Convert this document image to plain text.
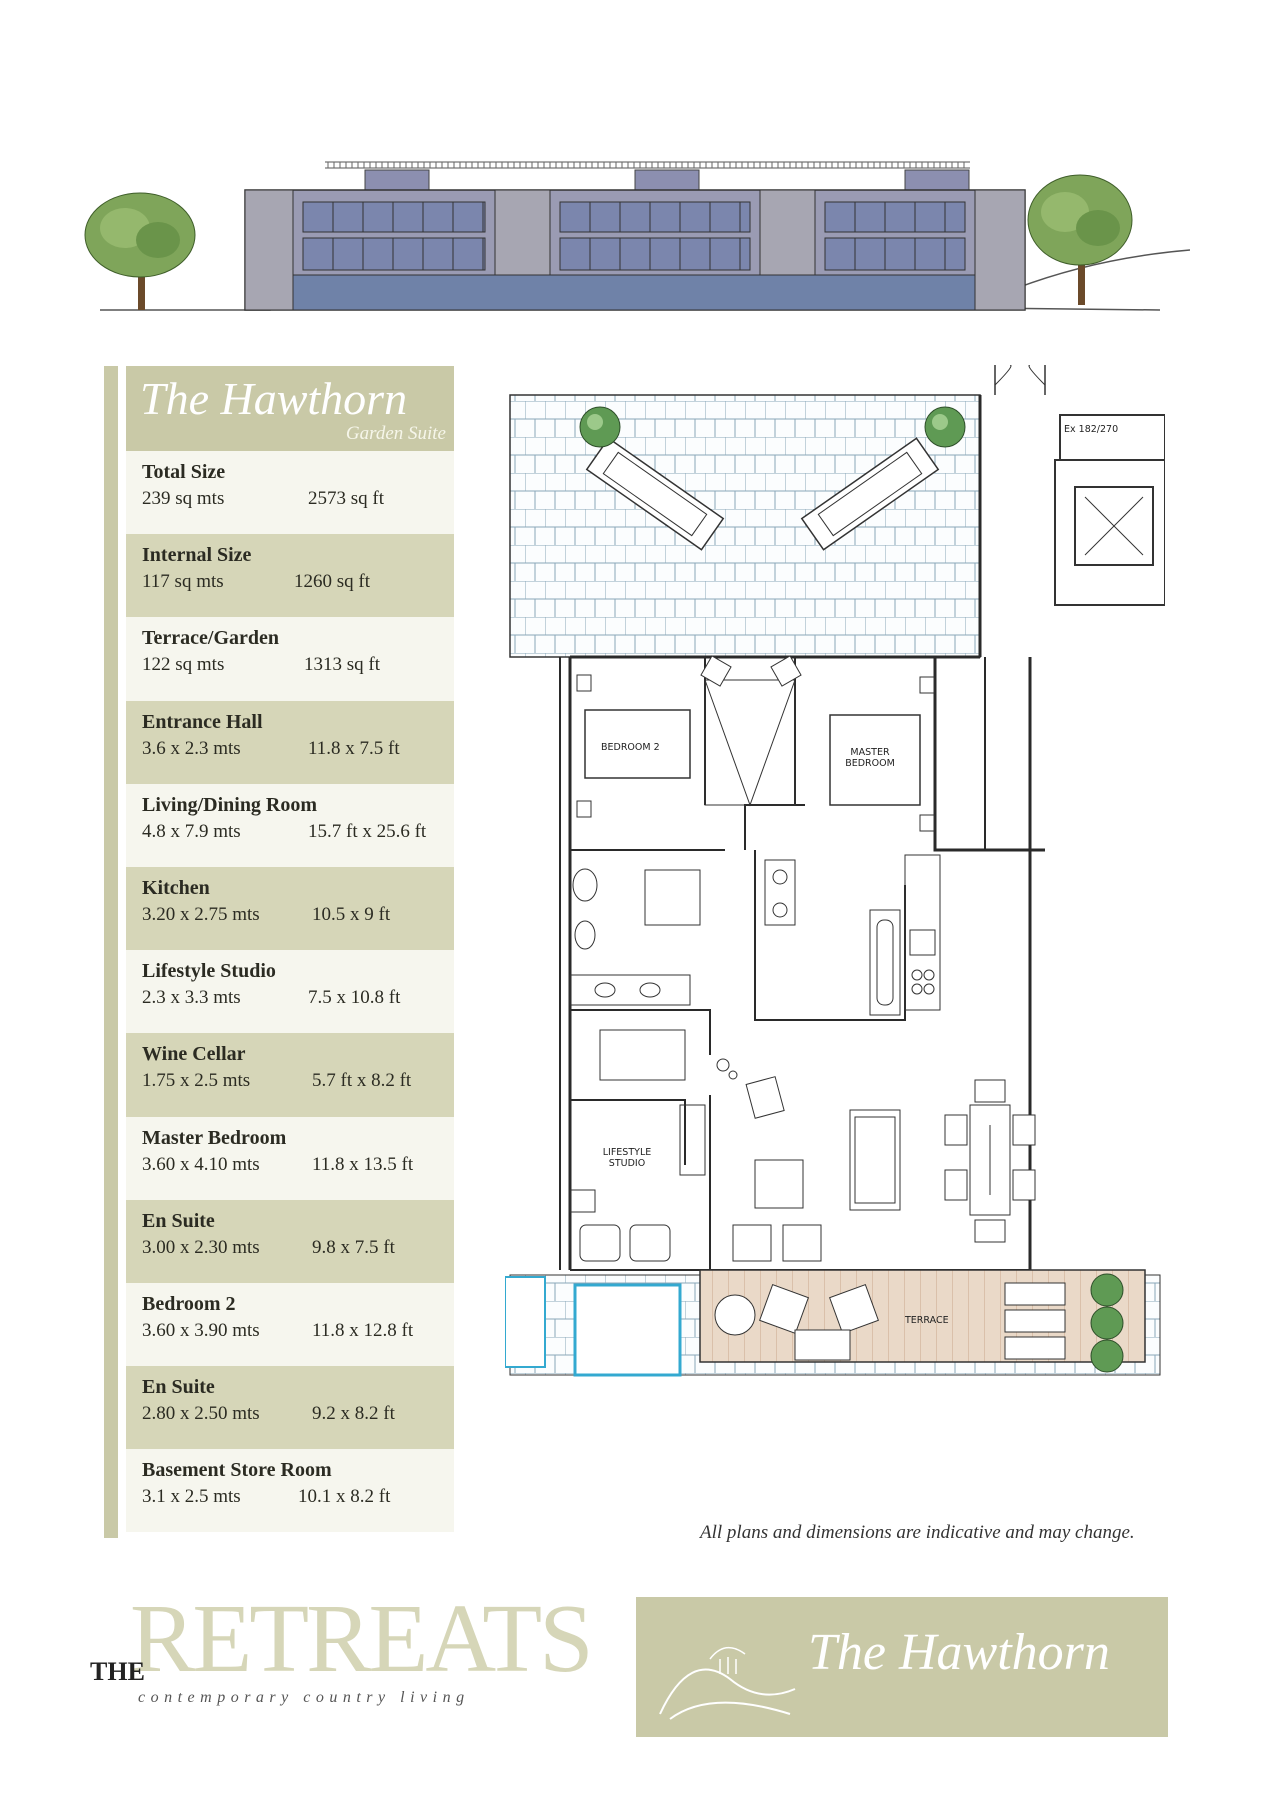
The Hawthorn
Garden Suite
Total Size
239 sq mts	2573 sq ft
Internal Size
117 sq mts	1260 sq ft
Terrace/Garden
122 sq mts	1313 sq ft
Entrance Hall
3.6 x 2.3 mts	11.8 x 7.5 ft
Living/Dining Room
4.8 x 7.9 mts	15.7 ft x 25.6 ft
Kitchen
3.20 x 2.75 mts	10.5 x 9 ft
Lifestyle Studio
2.3 x 3.3 mts	7.5 x 10.8 ft
Wine Cellar
1.75 x 2.5 mts	5.7 ft x 8.2 ft
Master Bedroom
3.60 x 4.10 mts	11.8 x 13.5 ft
En Suite
3.00 x 2.30 mts	9.8 x 7.5 ft
Bedroom 2
3.60 x 3.90 mts	11.8 x 12.8 ft
En Suite
2.80 x 2.50 mts	9.2 x 8.2 ft
Basement Store Room
3.1 x 2.5 mts	10.1 x 8.2 ft
Ex 182/270
BEDROOM 2	MASTER
BEDROOM
LIFESTYLE
STUDIO
TERRACE
All plans and dimensions are indicative and may change.
RETREATS
THE
contemporary country living
The Hawthorn
